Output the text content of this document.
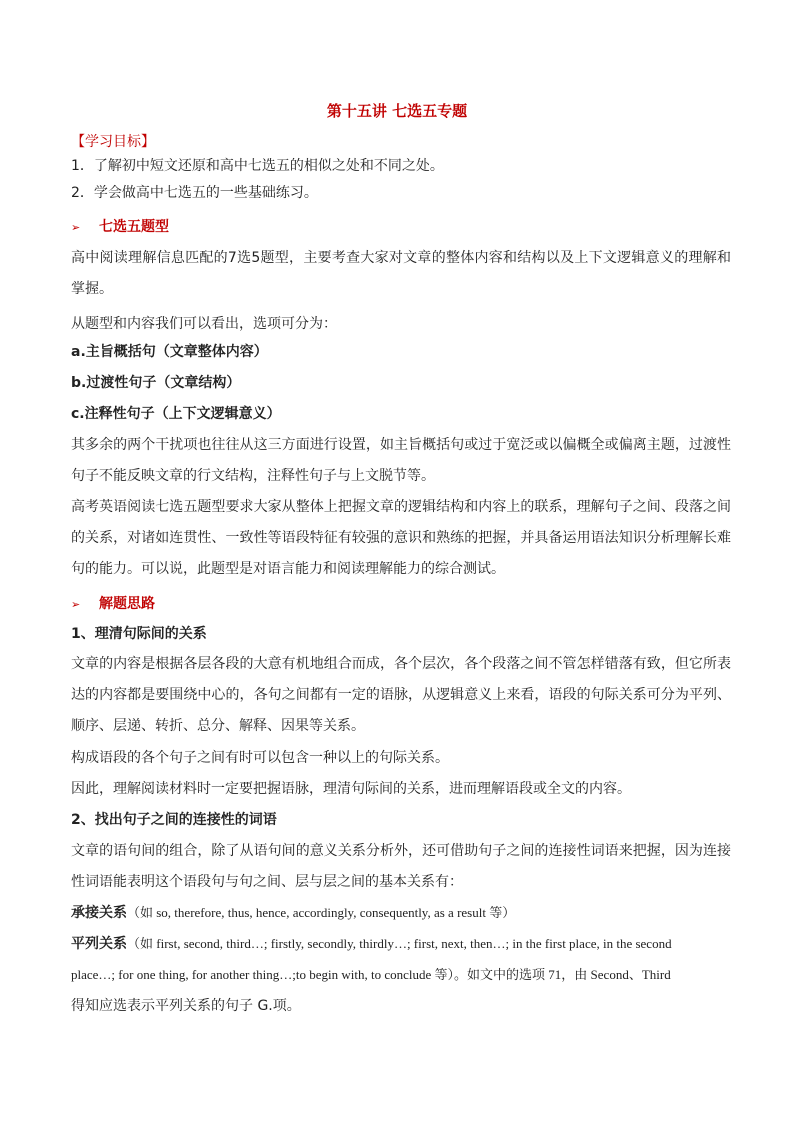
第十五讲 七选五专题
【学习目标】
1．了解初中短文还原和高中七选五的相似之处和不同之处。
2．学会做高中七选五的一些基础练习。
➢ 七选五题型
高中阅读理解信息匹配的7选5题型，主要考查大家对文章的整体内容和结构以及上下文逻辑意义的理解和掌握。
从题型和内容我们可以看出，选项可分为：
a.主旨概括句（文章整体内容）
b.过渡性句子（文章结构）
c.注释性句子（上下文逻辑意义）
其多余的两个干扰项也往往从这三方面进行设置，如主旨概括句或过于宽泛或以偏概全或偏离主题，过渡性句子不能反映文章的行文结构，注释性句子与上文脱节等。
高考英语阅读七选五题型要求大家从整体上把握文章的逻辑结构和内容上的联系，理解句子之间、段落之间的关系，对诸如连贯性、一致性等语段特征有较强的意识和熟练的把握，并具备运用语法知识分析理解长难句的能力。可以说，此题型是对语言能力和阅读理解能力的综合测试。
➢ 解题思路
1、理清句际间的关系
文章的内容是根据各层各段的大意有机地组合而成，各个层次，各个段落之间不管怎样错落有致，但它所表达的内容都是要围绕中心的，各句之间都有一定的语脉，从逻辑意义上来看，语段的句际关系可分为平列、顺序、层递、转折、总分、解释、因果等关系。
构成语段的各个句子之间有时可以包含一种以上的句际关系。
因此，理解阅读材料时一定要把握语脉，理清句际间的关系，进而理解语段或全文的内容。
2、找出句子之间的连接性的词语
文章的语句间的组合，除了从语句间的意义关系分析外，还可借助句子之间的连接性词语来把握，因为连接性词语能表明这个语段句与句之间、层与层之间的基本关系有：
承接关系（如 so, therefore, thus, hence, accordingly, consequently, as a result 等）
平列关系（如 first, second, third…; firstly, secondly, thirdly…; first, next, then…; in the first place, in the second
place…; for one thing, for another thing…;to begin with, to conclude 等）。如文中的选项 71，由 Second、Third
得知应选表示平列关系的句子 G.项。
